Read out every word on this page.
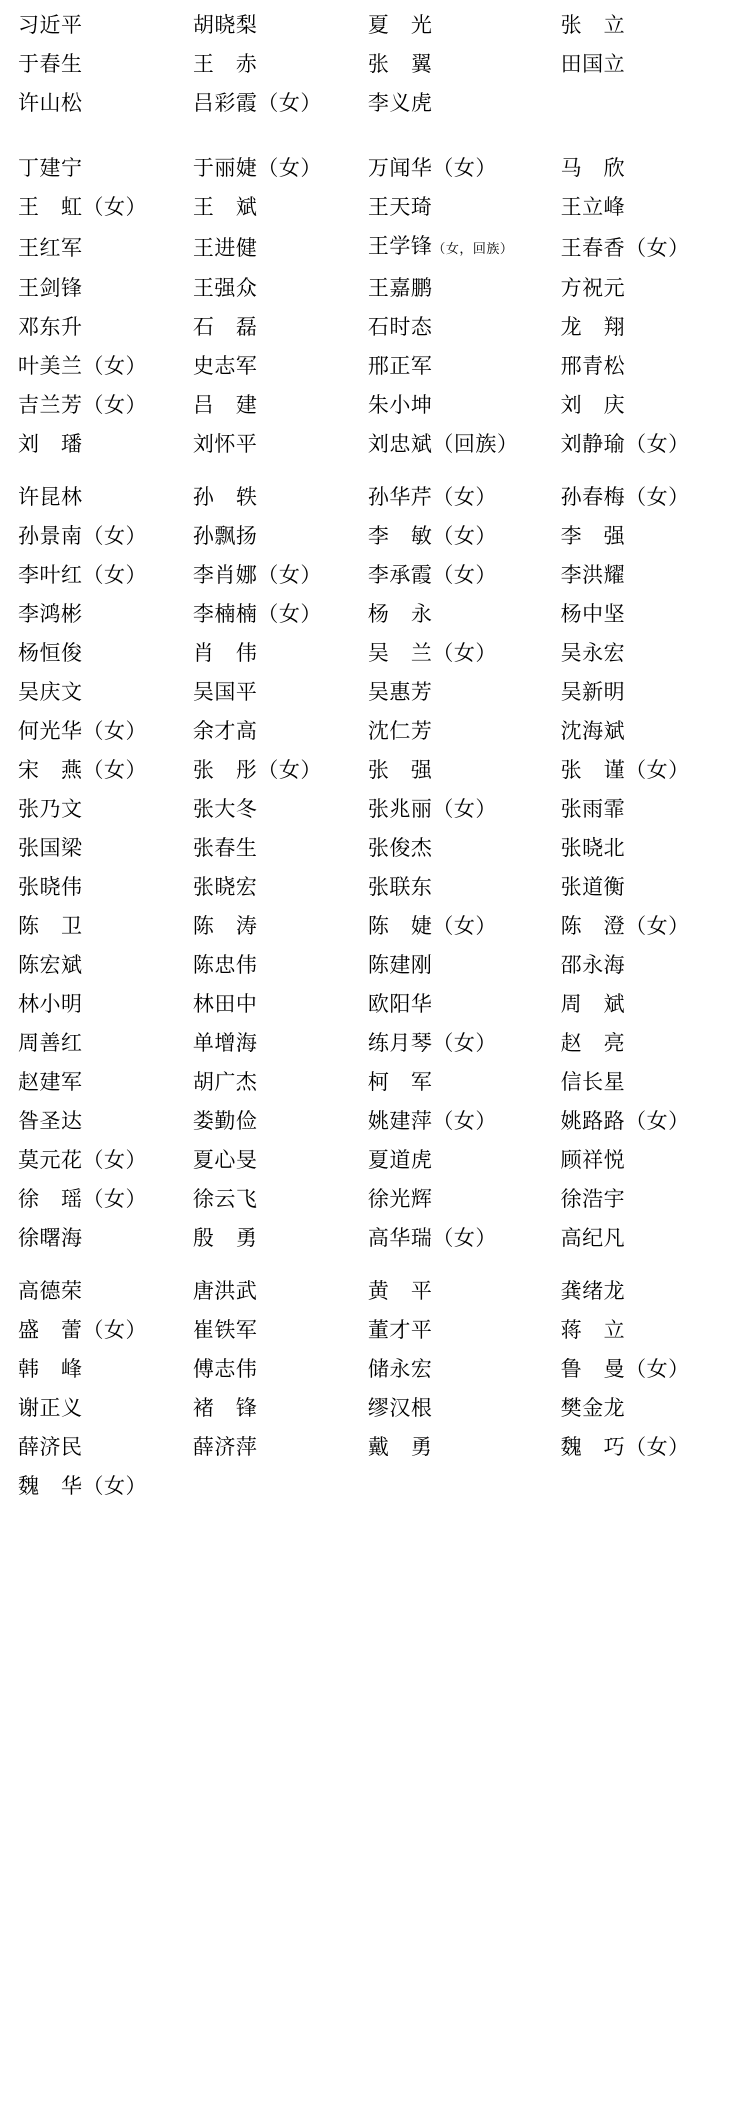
习近平	胡晓梨	夏　光	张　立
于春生	王　赤	张　翼	田国立
许山松	吕彩霞（女）	李义虎	

丁建宁	于丽婕（女）	万闻华（女）	马　欣
王　虹（女）	王　斌	王天琦	王立峰
王红军	王进健	王学锋（女，回族）	王春香（女）
王剑锋	王强众	王嘉鹏	方祝元
邓东升	石　磊	石时态	龙　翔
叶美兰（女）	史志军	邢正军	邢青松
吉兰芳（女）	吕　建	朱小坤	刘　庆
刘　璠	刘怀平	刘忠斌（回族）	刘静瑜（女）

许昆林	孙　轶	孙华芹（女）	孙春梅（女）
孙景南（女）	孙飘扬	李　敏（女）	李　强
李叶红（女）	李肖娜（女）	李承霞（女）	李洪耀
李鸿彬	李楠楠（女）	杨　永	杨中坚
杨恒俊	肖　伟	吴　兰（女）	吴永宏
吴庆文	吴国平	吴惠芳	吴新明
何光华（女）	余才高	沈仁芳	沈海斌
宋　燕（女）	张　彤（女）	张　强	张　谨（女）
张乃文	张大冬	张兆丽（女）	张雨霏
张国梁	张春生	张俊杰	张晓北
张晓伟	张晓宏	张联东	张道衡
陈　卫	陈　涛	陈　婕（女）	陈　澄（女）
陈宏斌	陈忠伟	陈建刚	邵永海
林小明	林田中	欧阳华	周　斌
周善红	单增海	练月琴（女）	赵　亮
赵建军	胡广杰	柯　军	信长星
昝圣达	娄勤俭	姚建萍（女）	姚路路（女）
莫元花（女）	夏心旻	夏道虎	顾祥悦
徐　瑶（女）	徐云飞	徐光辉	徐浩宇
徐曙海	殷　勇	高华瑞（女）	高纪凡

高德荣	唐洪武	黄　平	龚绪龙
盛　蕾（女）	崔铁军	董才平	蒋　立
韩　峰	傅志伟	储永宏	鲁　曼（女）
谢正义	褚　锋	缪汉根	樊金龙
薛济民	薛济萍	戴　勇	魏　巧（女）
魏　华（女）			
